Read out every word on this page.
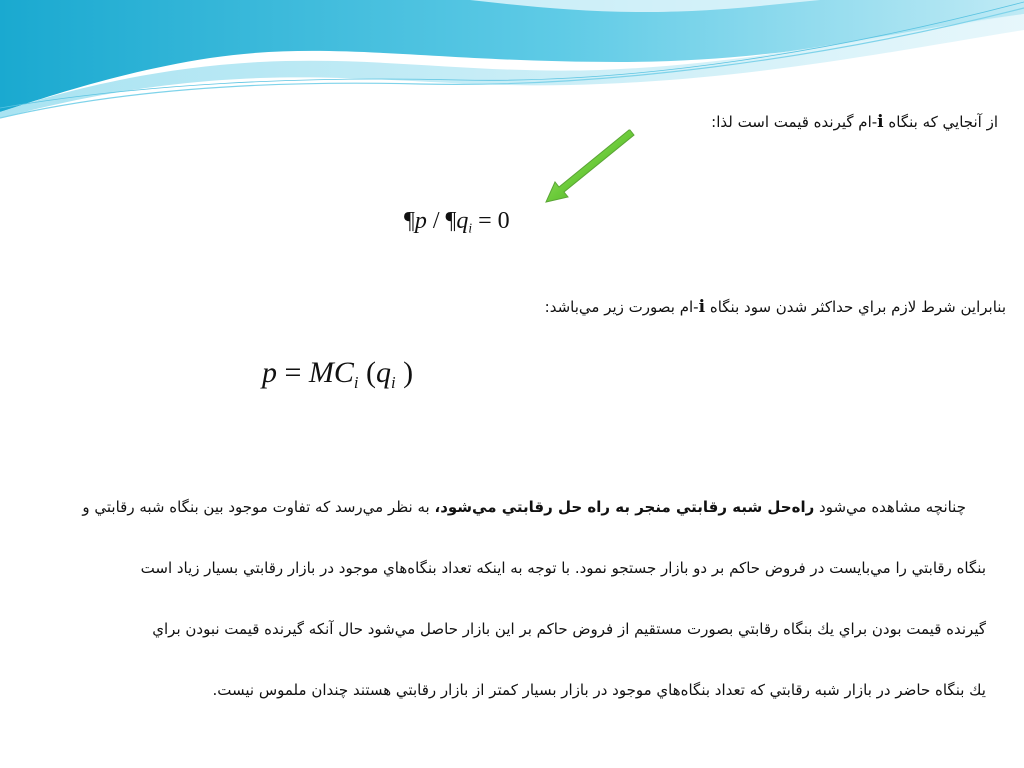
از آنجايي كه بنگاه i-ام گيرنده قيمت است لذا:
¶p / $\P q_i = 0$
بنابراين شرط لازم براي حداكثر شدن سود بنگاه i-ام بصورت زير مي‌باشد:
$p = MC_i$ ($q_i$ )

چنانچه مشاهده مي‌شود راه‌حل شبه رقابتي منجر به راه حل رقابتي مي‌شود، به نظر مي‌رسد كه تفاوت موجود بين بنگاه شبه رقابتي و

بنگاه رقابتي را مي‌بايست در فروض حاكم بر دو بازار جستجو نمود. با توجه به اينكه تعداد بنگاه‌هاي موجود در بازار رقابتي بسيار زياد است

گيرنده قيمت بودن براي يك بنگاه رقابتي بصورت مستقيم از فروض حاكم بر اين بازار حاصل مي‌شود حال آنكه گيرنده قيمت نبودن براي

يك بنگاه حاضر در بازار شبه رقابتي كه تعداد بنگاه‌هاي موجود در بازار بسيار كمتر از بازار رقابتي هستند چندان ملموس نيست.
